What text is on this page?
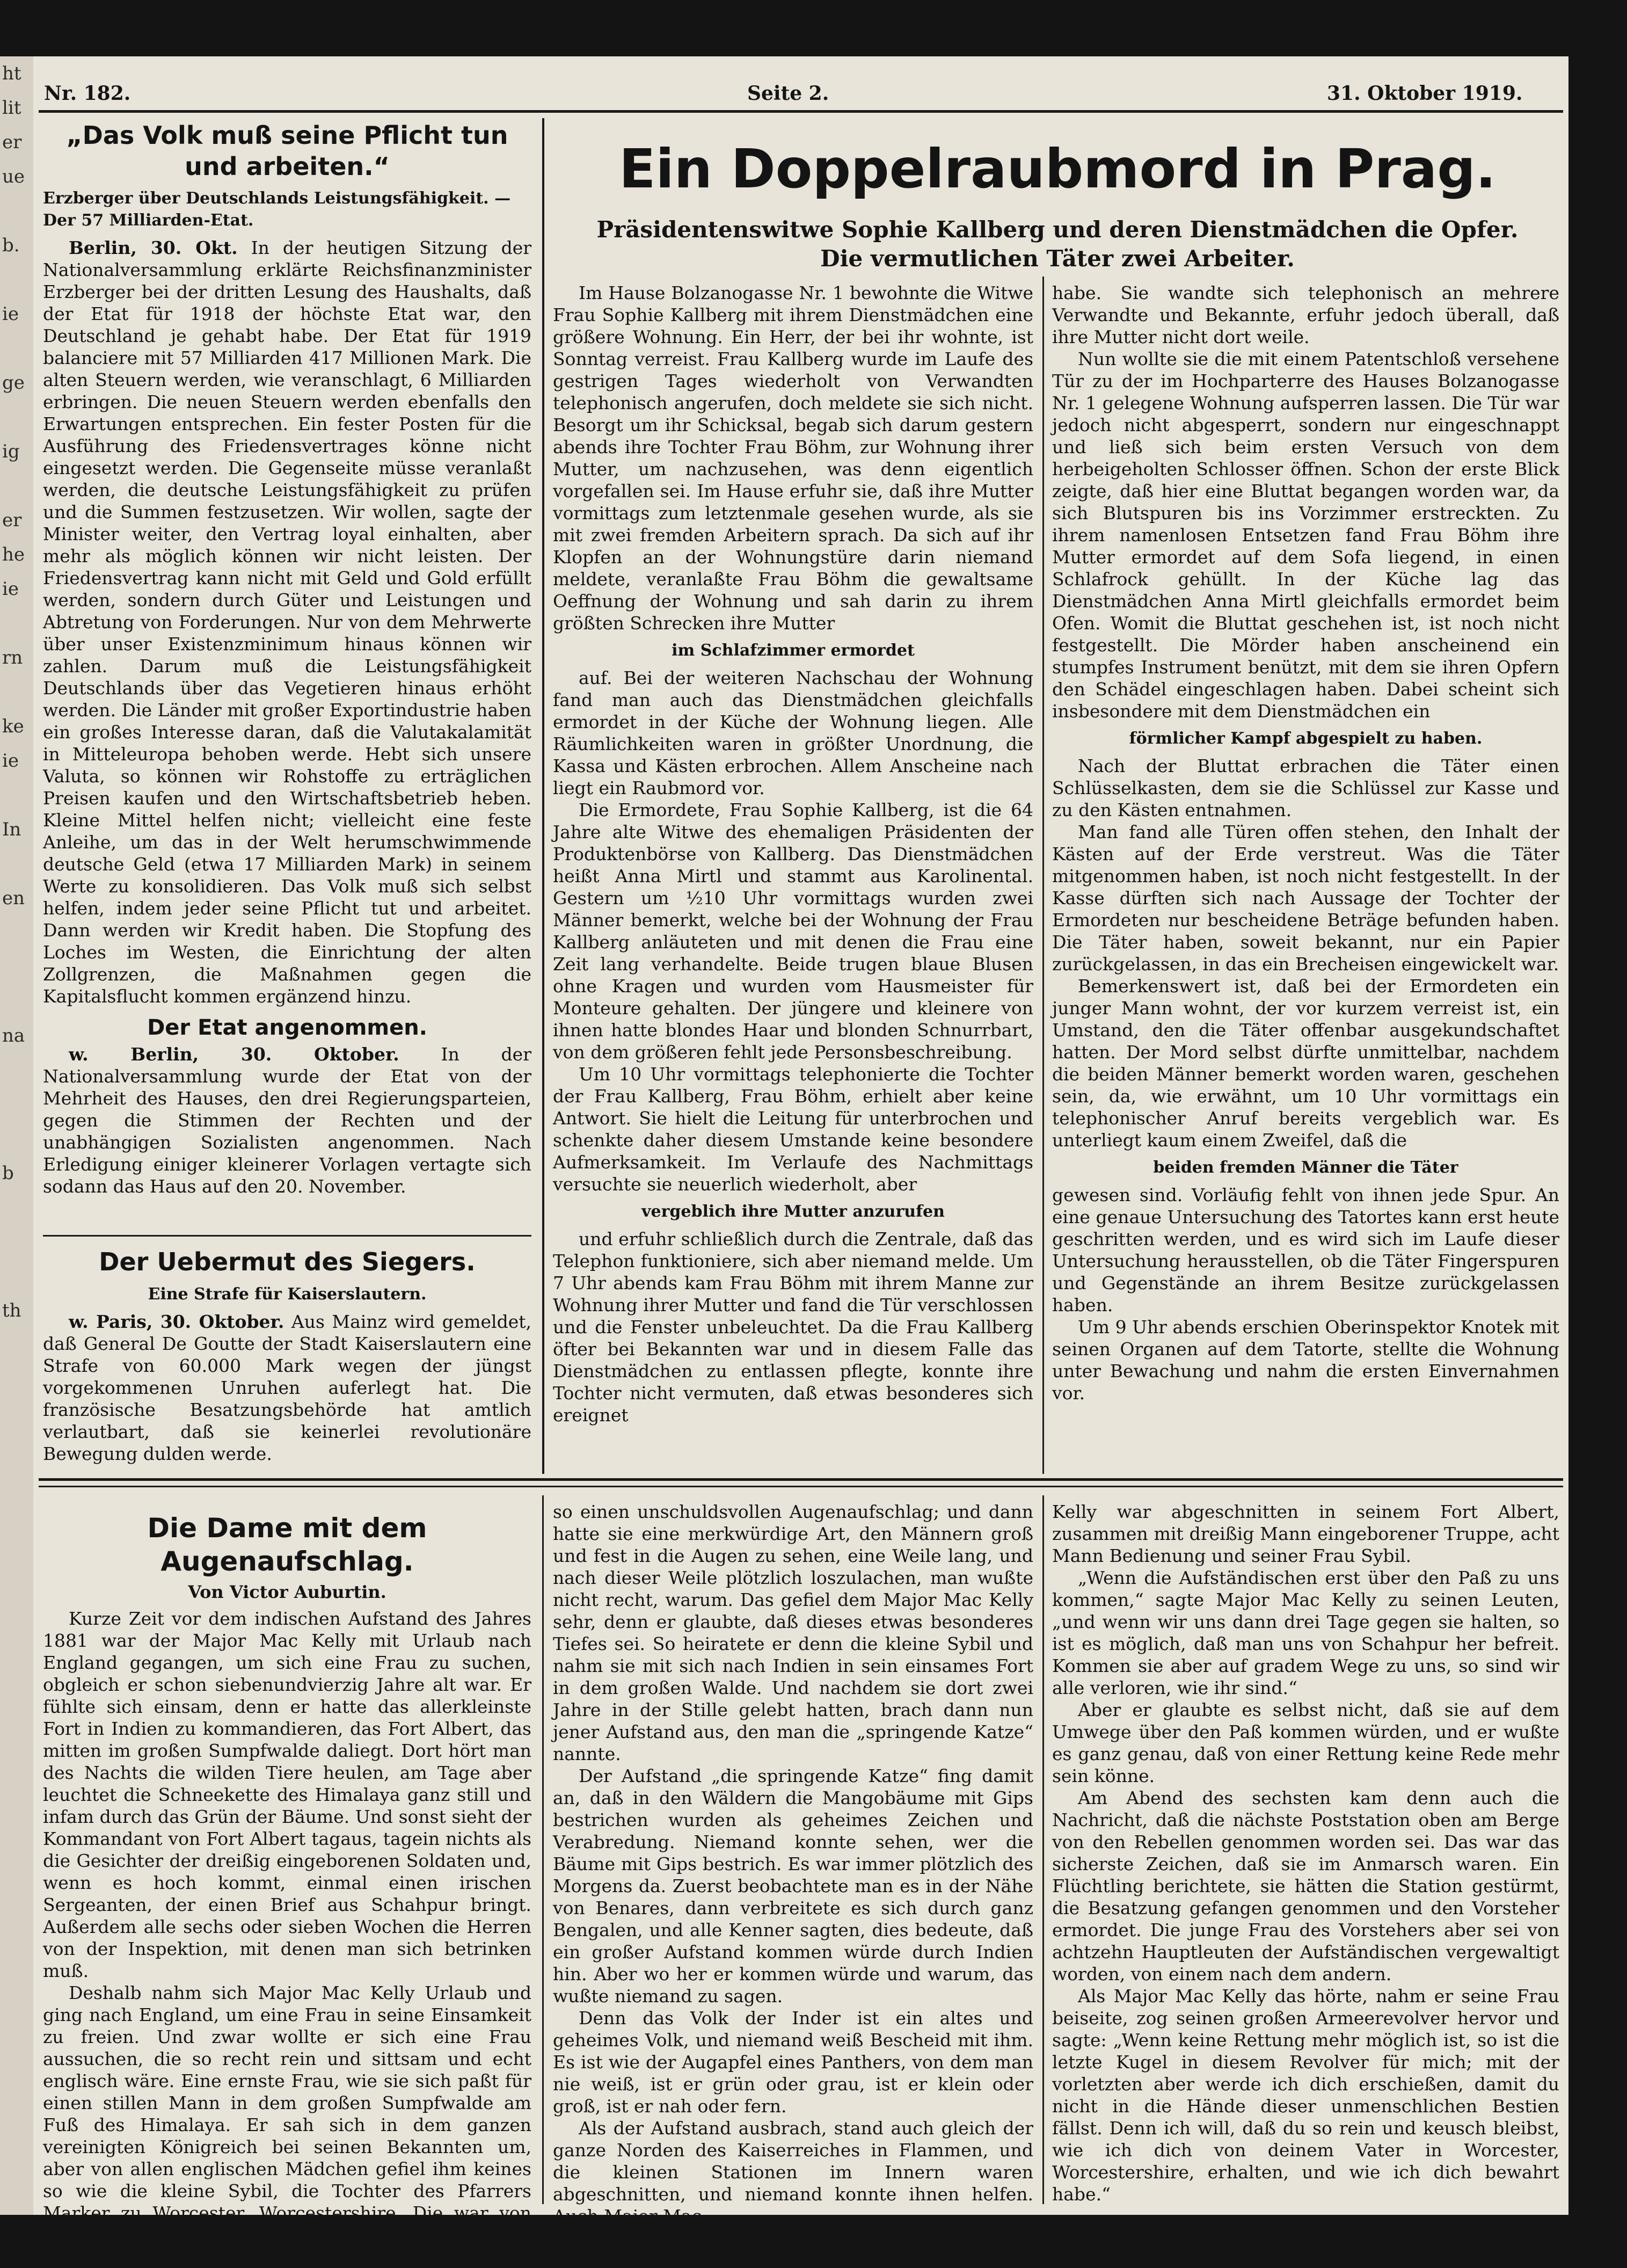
ht
lit
er
ue

b.

ie

ge

ig

er
he
ie

rn

ke
ie

In

en

na

b

th
Nr. 182.	Seite 2.	31. Oktober 1919.
„Das Volk muß seine Pflicht tun und arbeiten.“
Erzberger über Deutschlands Leistungsfähigkeit. — Der 57 Milliarden-Etat.

Berlin, 30. Okt. In der heutigen Sitzung der Nationalversammlung erklärte Reichsfinanzminister Erzberger bei der dritten Lesung des Haushalts, daß der Etat für 1918 der höchste Etat war, den Deutschland je gehabt habe. Der Etat für 1919 balanciere mit 57 Milliarden 417 Millionen Mark. Die alten Steuern werden, wie veranschlagt, 6 Milliarden erbringen. Die neuen Steuern werden ebenfalls den Erwartungen entsprechen. Ein fester Posten für die Ausführung des Friedensvertrages könne nicht eingesetzt werden. Die Gegenseite müsse veranlaßt werden, die deutsche Leistungsfähigkeit zu prüfen und die Summen festzusetzen. Wir wollen, sagte der Minister weiter, den Vertrag loyal einhalten, aber mehr als möglich können wir nicht leisten. Der Friedensvertrag kann nicht mit Geld und Gold erfüllt werden, sondern durch Güter und Leistungen und Abtretung von Forderungen. Nur von dem Mehrwerte über unser Existenzminimum hinaus können wir zahlen. Darum muß die Leistungsfähigkeit Deutschlands über das Vegetieren hinaus erhöht werden. Die Länder mit großer Exportindustrie haben ein großes Interesse daran, daß die Valutakalamität in Mitteleuropa behoben werde. Hebt sich unsere Valuta, so können wir Rohstoffe zu erträglichen Preisen kaufen und den Wirtschaftsbetrieb heben. Kleine Mittel helfen nicht; vielleicht eine feste Anleihe, um das in der Welt herumschwimmende deutsche Geld (etwa 17 Milliarden Mark) in seinem Werte zu konsolidieren. Das Volk muß sich selbst helfen, indem jeder seine Pflicht tut und arbeitet. Dann werden wir Kredit haben. Die Stopfung des Loches im Westen, die Einrichtung der alten Zollgrenzen, die Maßnahmen gegen die Kapitalsflucht kommen ergänzend hinzu.

Der Etat angenommen.

w. Berlin, 30. Oktober. In der Nationalversammlung wurde der Etat von der Mehrheit des Hauses, den drei Regierungsparteien, gegen die Stimmen der Rechten und der unabhängigen Sozialisten angenommen. Nach Erledigung einiger kleinerer Vorlagen vertagte sich sodann das Haus auf den 20. November.

Der Uebermut des Siegers.
Eine Strafe für Kaiserslautern.

w. Paris, 30. Oktober. Aus Mainz wird gemeldet, daß General De Goutte der Stadt Kaiserslautern eine Strafe von 60.000 Mark wegen der jüngst vorgekommenen Unruhen auferlegt hat. Die französische Besatzungsbehörde hat amtlich verlautbart, daß sie keinerlei revolutionäre Bewegung dulden werde.

Ein Doppelraubmord in Prag.
Präsidentenswitwe Sophie Kallberg und deren Dienstmädchen die Opfer.
Die vermutlichen Täter zwei Arbeiter.

Im Hause Bolzanogasse Nr. 1 bewohnte die Witwe Frau Sophie Kallberg mit ihrem Dienstmädchen eine größere Wohnung. Ein Herr, der bei ihr wohnte, ist Sonntag verreist. Frau Kallberg wurde im Laufe des gestrigen Tages wiederholt von Verwandten telephonisch angerufen, doch meldete sie sich nicht. Besorgt um ihr Schicksal, begab sich darum gestern abends ihre Tochter Frau Böhm, zur Wohnung ihrer Mutter, um nachzusehen, was denn eigentlich vorgefallen sei. Im Hause erfuhr sie, daß ihre Mutter vormittags zum letztenmale gesehen wurde, als sie mit zwei fremden Arbeitern sprach. Da sich auf ihr Klopfen an der Wohnungstüre darin niemand meldete, veranlaßte Frau Böhm die gewaltsame Oeffnung der Wohnung und sah darin zu ihrem größten Schrecken ihre Mutter

im Schlafzimmer ermordet

auf. Bei der weiteren Nachschau der Wohnung fand man auch das Dienstmädchen gleichfalls ermordet in der Küche der Wohnung liegen. Alle Räumlichkeiten waren in größter Unordnung, die Kassa und Kästen erbrochen. Allem Anscheine nach liegt ein Raubmord vor.

Die Ermordete, Frau Sophie Kallberg, ist die 64 Jahre alte Witwe des ehemaligen Präsidenten der Produktenbörse von Kallberg. Das Dienstmädchen heißt Anna Mirtl und stammt aus Karolinental. Gestern um ½10 Uhr vormittags wurden zwei Männer bemerkt, welche bei der Wohnung der Frau Kallberg anläuteten und mit denen die Frau eine Zeit lang verhandelte. Beide trugen blaue Blusen ohne Kragen und wurden vom Hausmeister für Monteure gehalten. Der jüngere und kleinere von ihnen hatte blondes Haar und blonden Schnurrbart, von dem größeren fehlt jede Personsbeschreibung.

Um 10 Uhr vormittags telephonierte die Tochter der Frau Kallberg, Frau Böhm, erhielt aber keine Antwort. Sie hielt die Leitung für unterbrochen und schenkte daher diesem Umstande keine besondere Aufmerksamkeit. Im Verlaufe des Nachmittags versuchte sie neuerlich wiederholt, aber

vergeblich ihre Mutter anzurufen

und erfuhr schließlich durch die Zentrale, daß das Telephon funktioniere, sich aber niemand melde. Um 7 Uhr abends kam Frau Böhm mit ihrem Manne zur Wohnung ihrer Mutter und fand die Tür verschlossen und die Fenster unbeleuchtet. Da die Frau Kallberg öfter bei Bekannten war und in diesem Falle das Dienstmädchen zu entlassen pflegte, konnte ihre Tochter nicht vermuten, daß etwas besonderes sich ereignet

habe. Sie wandte sich telephonisch an mehrere Verwandte und Bekannte, erfuhr jedoch überall, daß ihre Mutter nicht dort weile.

Nun wollte sie die mit einem Patentschloß versehene Tür zu der im Hochparterre des Hauses Bolzanogasse Nr. 1 gelegene Wohnung aufsperren lassen. Die Tür war jedoch nicht abgesperrt, sondern nur eingeschnappt und ließ sich beim ersten Versuch von dem herbeigeholten Schlosser öffnen. Schon der erste Blick zeigte, daß hier eine Bluttat begangen worden war, da sich Blutspuren bis ins Vorzimmer erstreckten. Zu ihrem namenlosen Entsetzen fand Frau Böhm ihre Mutter ermordet auf dem Sofa liegend, in einen Schlafrock gehüllt. In der Küche lag das Dienstmädchen Anna Mirtl gleichfalls ermordet beim Ofen. Womit die Bluttat geschehen ist, ist noch nicht festgestellt. Die Mörder haben anscheinend ein stumpfes Instrument benützt, mit dem sie ihren Opfern den Schädel eingeschlagen haben. Dabei scheint sich insbesondere mit dem Dienstmädchen ein

förmlicher Kampf abgespielt zu haben.

Nach der Bluttat erbrachen die Täter einen Schlüsselkasten, dem sie die Schlüssel zur Kasse und zu den Kästen entnahmen.

Man fand alle Türen offen stehen, den Inhalt der Kästen auf der Erde verstreut. Was die Täter mitgenommen haben, ist noch nicht festgestellt. In der Kasse dürften sich nach Aussage der Tochter der Ermordeten nur bescheidene Beträge befunden haben. Die Täter haben, soweit bekannt, nur ein Papier zurückgelassen, in das ein Brecheisen eingewickelt war.

Bemerkenswert ist, daß bei der Ermordeten ein junger Mann wohnt, der vor kurzem verreist ist, ein Umstand, den die Täter offenbar ausgekundschaftet hatten. Der Mord selbst dürfte unmittelbar, nachdem die beiden Männer bemerkt worden waren, geschehen sein, da, wie erwähnt, um 10 Uhr vormittags ein telephonischer Anruf bereits vergeblich war. Es unterliegt kaum einem Zweifel, daß die

beiden fremden Männer die Täter

gewesen sind. Vorläufig fehlt von ihnen jede Spur. An eine genaue Untersuchung des Tatortes kann erst heute geschritten werden, und es wird sich im Laufe dieser Untersuchung herausstellen, ob die Täter Fingerspuren und Gegenstände an ihrem Besitze zurückgelassen haben.

Um 9 Uhr abends erschien Oberinspektor Knotek mit seinen Organen auf dem Tatorte, stellte die Wohnung unter Bewachung und nahm die ersten Einvernahmen vor.

Die Dame mit dem Augenaufschlag.
Von Victor Auburtin.

Kurze Zeit vor dem indischen Aufstand des Jahres 1881 war der Major Mac Kelly mit Urlaub nach England gegangen, um sich eine Frau zu suchen, obgleich er schon siebenundvierzig Jahre alt war. Er fühlte sich einsam, denn er hatte das allerkleinste Fort in Indien zu kommandieren, das Fort Albert, das mitten im großen Sumpfwalde daliegt. Dort hört man des Nachts die wilden Tiere heulen, am Tage aber leuchtet die Schneekette des Himalaya ganz still und infam durch das Grün der Bäume. Und sonst sieht der Kommandant von Fort Albert tagaus, tagein nichts als die Gesichter der dreißig eingeborenen Soldaten und, wenn es hoch kommt, einmal einen irischen Sergeanten, der einen Brief aus Schahpur bringt. Außerdem alle sechs oder sieben Wochen die Herren von der Inspektion, mit denen man sich betrinken muß.

Deshalb nahm sich Major Mac Kelly Urlaub und ging nach England, um eine Frau in seine Einsamkeit zu freien. Und zwar wollte er sich eine Frau aussuchen, die so recht rein und sittsam und echt englisch wäre. Eine ernste Frau, wie sie sich paßt für einen stillen Mann in dem großen Sumpfwalde am Fuß des Himalaya. Er sah sich in dem ganzen vereinigten Königreich bei seinen Bekannten um, aber von allen englischen Mädchen gefiel ihm keines so wie die kleine Sybil, die Tochter des Pfarrers Marker zu Worcester, Worcestershire. Die war von allen die Reinste und die Heiligste, meinte Major Mac Kelly. Sie hatte

so einen unschuldsvollen Augenaufschlag; und dann hatte sie eine merkwürdige Art, den Männern groß und fest in die Augen zu sehen, eine Weile lang, und nach dieser Weile plötzlich loszulachen, man wußte nicht recht, warum. Das gefiel dem Major Mac Kelly sehr, denn er glaubte, daß dieses etwas besonderes Tiefes sei. So heiratete er denn die kleine Sybil und nahm sie mit sich nach Indien in sein einsames Fort in dem großen Walde. Und nachdem sie dort zwei Jahre in der Stille gelebt hatten, brach dann nun jener Aufstand aus, den man die „springende Katze“ nannte.

Der Aufstand „die springende Katze“ fing damit an, daß in den Wäldern die Mangobäume mit Gips bestrichen wurden als geheimes Zeichen und Verabredung. Niemand konnte sehen, wer die Bäume mit Gips bestrich. Es war immer plötzlich des Morgens da. Zuerst beobachtete man es in der Nähe von Benares, dann verbreitete es sich durch ganz Bengalen, und alle Kenner sagten, dies bedeute, daß ein großer Aufstand kommen würde durch Indien hin. Aber wo her er kommen würde und warum, das wußte niemand zu sagen.

Denn das Volk der Inder ist ein altes und geheimes Volk, und niemand weiß Bescheid mit ihm. Es ist wie der Augapfel eines Panthers, von dem man nie weiß, ist er grün oder grau, ist er klein oder groß, ist er nah oder fern.

Als der Aufstand ausbrach, stand auch gleich der ganze Norden des Kaiserreiches in Flammen, und die kleinen Stationen im Innern waren abgeschnitten, und niemand konnte ihnen helfen. Auch Major Mac

Kelly war abgeschnitten in seinem Fort Albert, zusammen mit dreißig Mann eingeborener Truppe, acht Mann Bedienung und seiner Frau Sybil.

„Wenn die Aufständischen erst über den Paß zu uns kommen,“ sagte Major Mac Kelly zu seinen Leuten, „und wenn wir uns dann drei Tage gegen sie halten, so ist es möglich, daß man uns von Schahpur her befreit. Kommen sie aber auf gradem Wege zu uns, so sind wir alle verloren, wie ihr sind.“

Aber er glaubte es selbst nicht, daß sie auf dem Umwege über den Paß kommen würden, und er wußte es ganz genau, daß von einer Rettung keine Rede mehr sein könne.

Am Abend des sechsten kam denn auch die Nachricht, daß die nächste Poststation oben am Berge von den Rebellen genommen worden sei. Das war das sicherste Zeichen, daß sie im Anmarsch waren. Ein Flüchtling berichtete, sie hätten die Station gestürmt, die Besatzung gefangen genommen und den Vorsteher ermordet. Die junge Frau des Vorstehers aber sei von achtzehn Hauptleuten der Aufständischen vergewaltigt worden, von einem nach dem andern.

Als Major Mac Kelly das hörte, nahm er seine Frau beiseite, zog seinen großen Armeerevolver hervor und sagte: „Wenn keine Rettung mehr möglich ist, so ist die letzte Kugel in diesem Revolver für mich; mit der vorletzten aber werde ich dich erschießen, damit du nicht in die Hände dieser unmenschlichen Bestien fällst. Denn ich will, daß du so rein und keusch bleibst, wie ich dich von deinem Vater in Worcester, Worcestershire, erhalten, und wie ich dich bewahrt habe.“
